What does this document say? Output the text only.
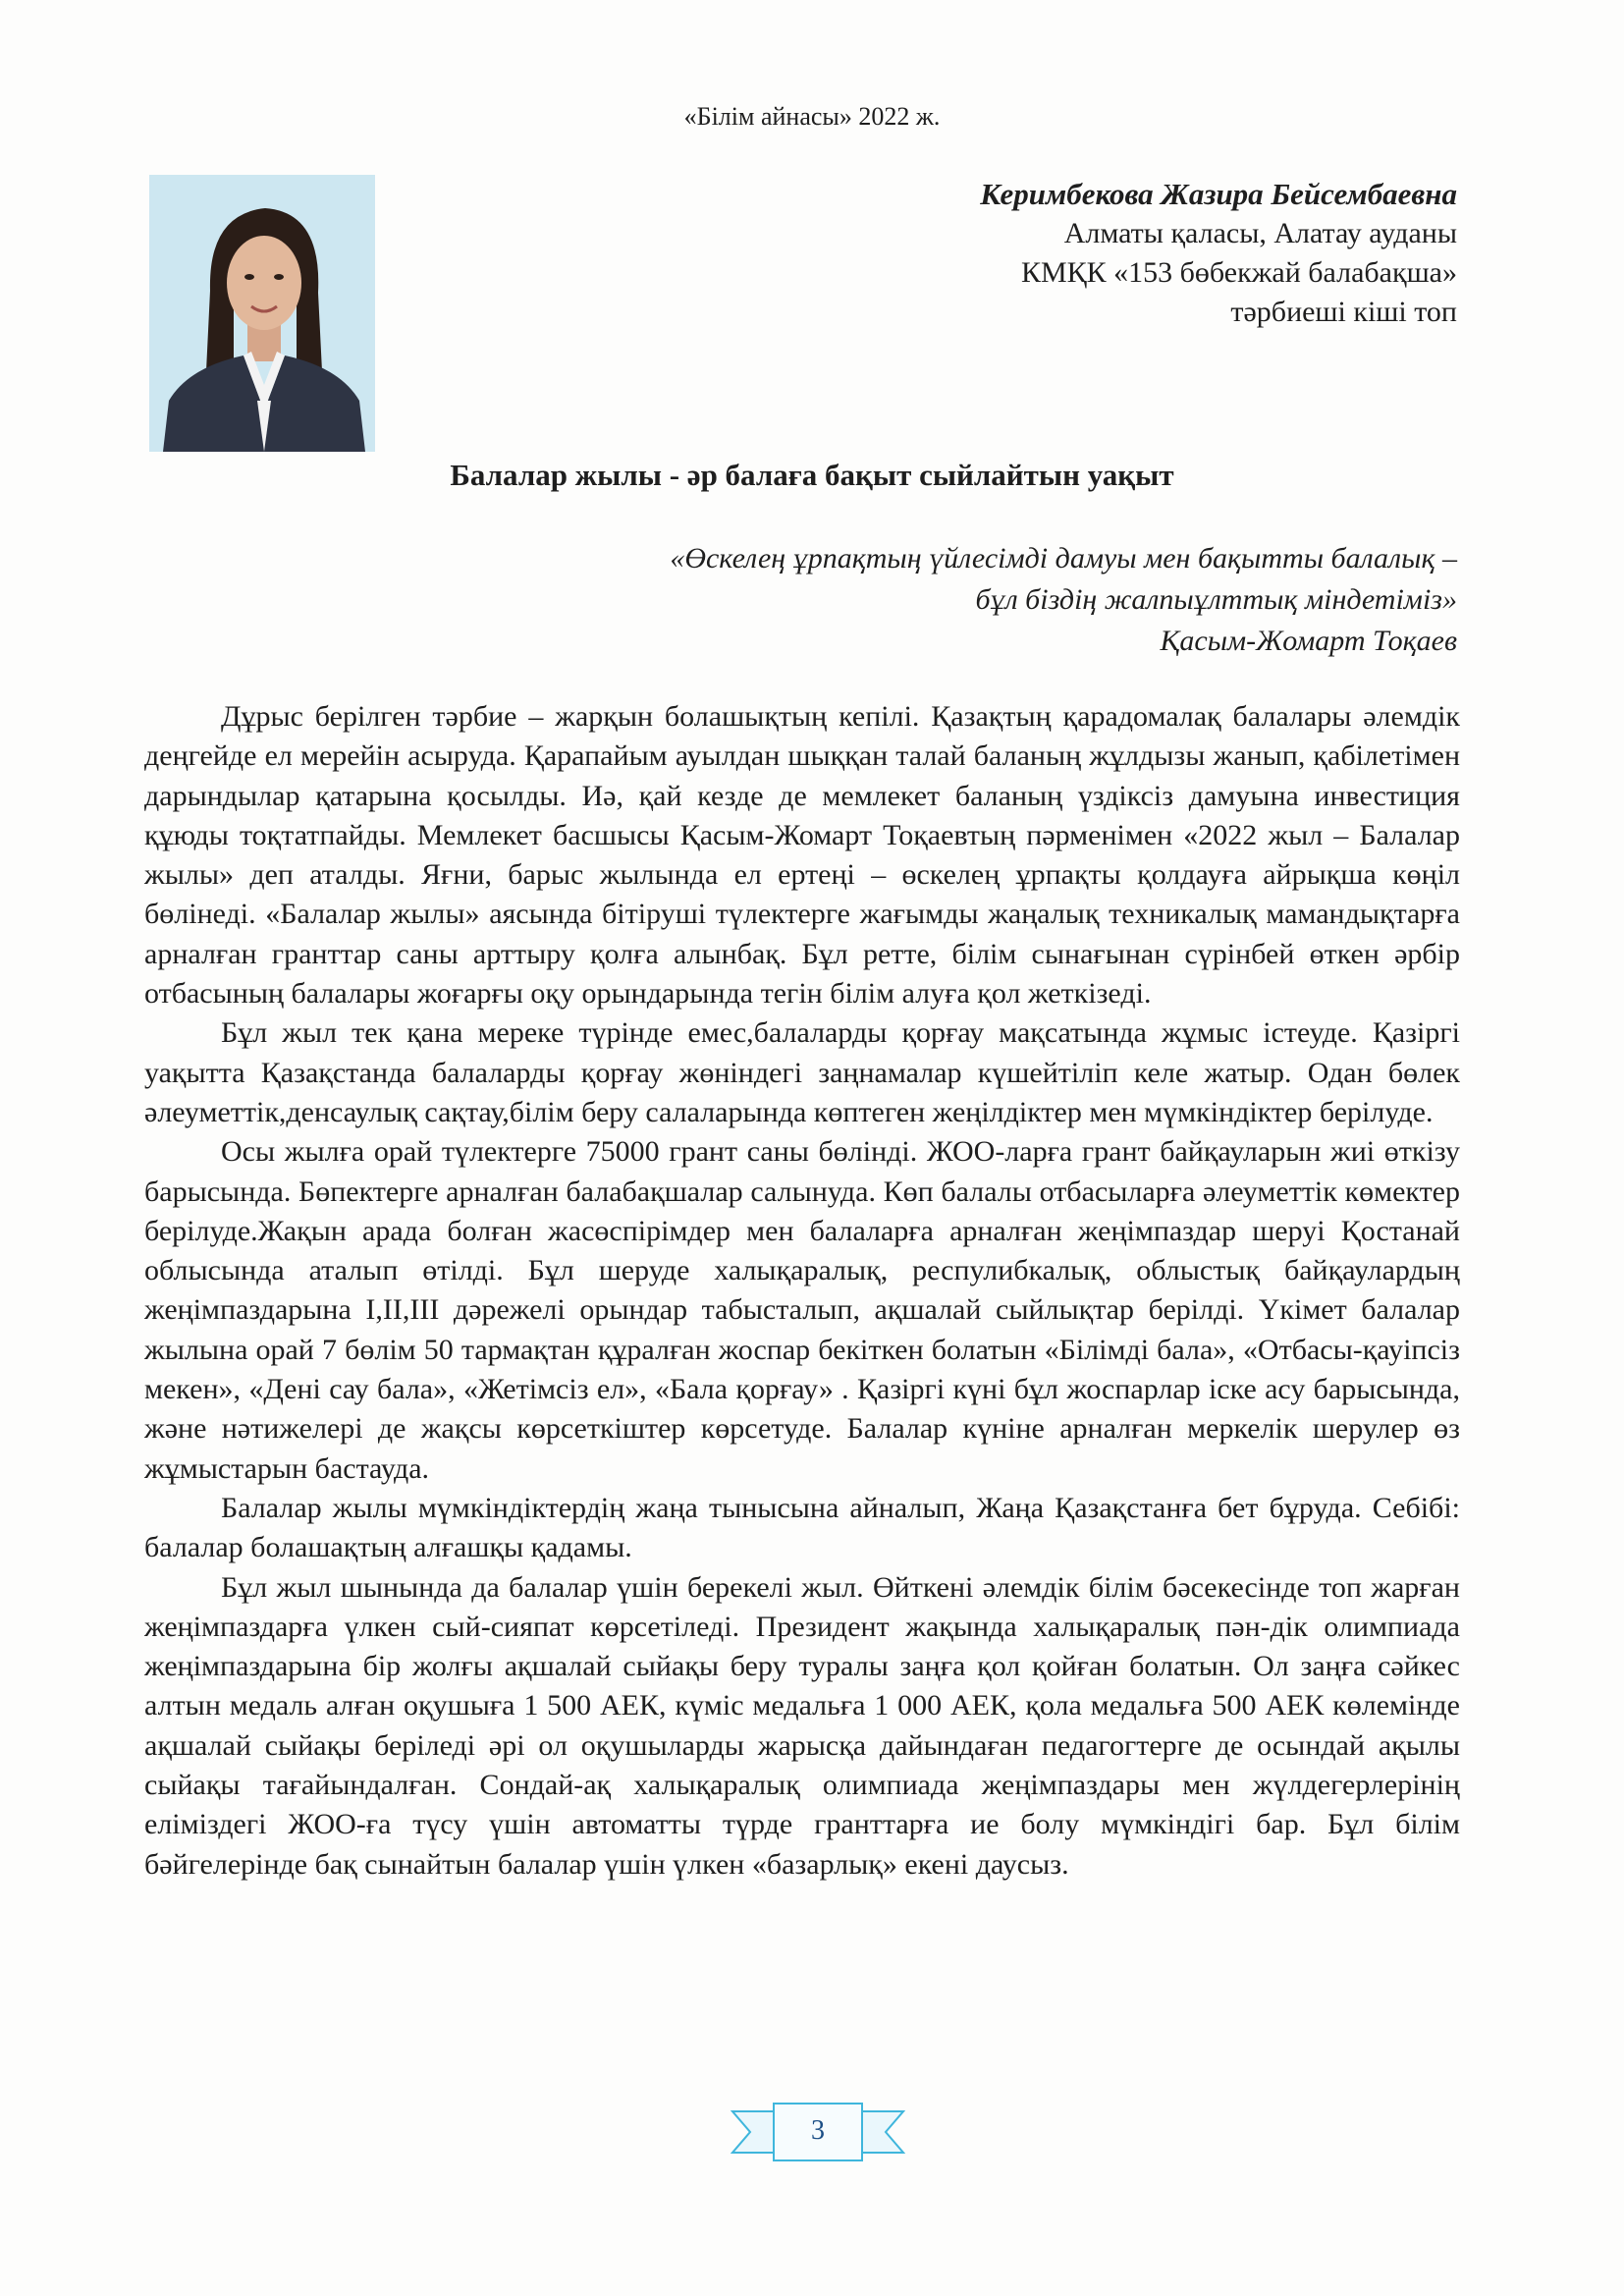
«Білім айнасы» 2022 ж.
Керимбекова Жазира Бейсембаевна
Алматы қаласы, Алатау ауданы
КМҚК «153 бөбекжай балабақша»
тәрбиеші кіші топ
Балалар жылы - әр балаға бақыт сыйлайтын уақыт
«Өскелең ұрпақтың үйлесімді дамуы мен бақытты балалық –
бұл біздің жалпыұлттық міндетіміз»
Қасым-Жомарт Тоқаев

Дұрыс берілген тәрбие – жарқын болашықтың кепілі. Қазақтың қарадомалақ балалары әлемдік деңгейде ел мерейін асыруда. Қарапайым ауылдан шыққан талай баланың жұлдызы жанып, қабілетімен дарындылар қатарына қосылды. Иә, қай кезде де мемлекет баланың үздіксіз дамуына инвестиция құюды тоқтатпайды. Мемлекет басшысы Қасым-Жомарт Тоқаевтың пәрменімен «2022 жыл – Балалар жылы» деп аталды. Яғни, барыс жылында ел ертеңі – өскелең ұрпақты қолдауға айрықша көңіл бөлінеді. «Балалар жылы» аясында бітіруші түлектерге жағымды жаңалық техникалық мамандықтарға арналған гранттар саны арттыру қолға алынбақ. Бұл ретте, білім сынағынан сүрінбей өткен әрбір отбасының балалары жоғарғы оқу орындарында тегін білім алуға қол жеткізеді.

Бұл жыл тек қана мереке түрінде емес,балаларды қорғау мақсатында жұмыс істеуде. Қазіргі уақытта Қазақстанда балаларды қорғау жөніндегі заңнамалар күшейтіліп келе жатыр. Одан бөлек әлеуметтік,денсаулық сақтау,білім беру салаларында көптеген жеңілдіктер мен мүмкіндіктер берілуде.

Осы жылға орай түлектерге 75000 грант саны бөлінді. ЖОО-ларға грант байқауларын жиі өткізу барысында. Бөпектерге арналған балабақшалар салынуда. Көп балалы отбасыларға әлеуметтік көмектер берілуде.Жақын арада болған жасөспірімдер мен балаларға арналған жеңімпаздар шеруі Қостанай облысында аталып өтілді. Бұл шеруде халықаралық, респулибкалық, облыстық байқаулардың жеңімпаздарына I,II,III дәрежелі орындар табысталып, ақшалай сыйлықтар берілді. Үкімет балалар жылына орай 7 бөлім 50 тармақтан құралған жоспар бекіткен болатын «Білімді бала», «Отбасы-қауіпсіз мекен», «Дені сау бала», «Жетімсіз ел», «Бала қорғау» . Қазіргі күні бұл жоспарлар іске асу барысында, және нәтижелері де жақсы көрсеткіштер көрсетуде. Балалар күніне арналған меркелік шерулер өз жұмыстарын бастауда.

Балалар жылы мүмкіндіктердің жаңа тынысына айналып, Жаңа Қазақстанға бет бұруда. Себібі: балалар болашақтың алғашқы қадамы.

Бұл жыл шынында да балалар үшін берекелі жыл. Өйткені әлемдік білім бәсекесінде топ жарған жеңімпаздарға үлкен сый-сияпат көрсетіледі. Президент жақында халықаралық пән-дік олимпиада жеңімпаздарына бір жолғы ақшалай сыйақы беру туралы заңға қол қойған болатын. Ол заңға сәйкес алтын медаль алған оқушыға 1 500 АЕК, күміс медальға 1 000 АЕК, қола медальға 500 АЕК көлемінде ақшалай сыйақы беріледі әрі ол оқушыларды жарысқа дайындаған педагогтерге де осындай ақылы сыйақы тағайындалған. Сондай-ақ халықаралық олимпиада жеңімпаздары мен жүлдегерлерінің еліміздегі ЖОО-ға түсу үшін автоматты түрде гранттарға ие болу мүмкіндігі бар. Бұл білім бәйгелерінде бақ сынайтын балалар үшін үлкен «базарлық» екені даусыз.

3
